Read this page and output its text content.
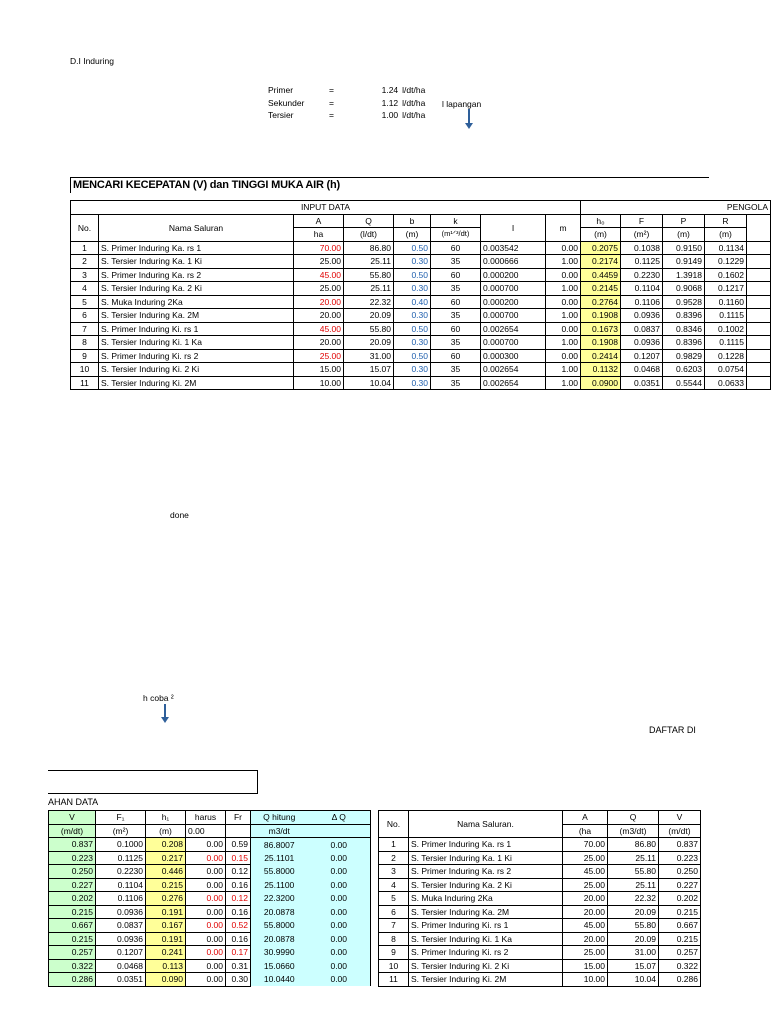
D.I Induring
Primer	=	1.24	l/dt/ha
Sekunder	=	1.12	l/dt/ha
Tersier	=	1.00	l/dt/ha
l lapangan
MENCARI KECEPATAN (V) dan TINGGI MUKA AIR (h)
INPUT DATA								PENGOLA				
No.	Nama Saluran	A	Q	b	k	I	m	h₀	F	P	R	
		ha	(l/dt)	(m)	(m¹ᐟ³/dt)			(m)	(m²)	(m)	(m)	
1	S. Primer Induring Ka. rs 1	70.00	86.80	0.50	60	0.003542	0.00	0.2075	0.1038	0.9150	0.1134	
2	S. Tersier Induring Ka. 1 Ki	25.00	25.11	0.30	35	0.000666	1.00	0.2174	0.1125	0.9149	0.1229	
3	S. Primer Induring Ka. rs 2	45.00	55.80	0.50	60	0.000200	0.00	0.4459	0.2230	1.3918	0.1602	
4	S. Tersier Induring Ka. 2 Ki	25.00	25.11	0.30	35	0.000700	1.00	0.2145	0.1104	0.9068	0.1217	
5	S. Muka Induring 2Ka	20.00	22.32	0.40	60	0.000200	0.00	0.2764	0.1106	0.9528	0.1160	
6	S. Tersier Induring Ka. 2M	20.00	20.09	0.30	35	0.000700	1.00	0.1908	0.0936	0.8396	0.1115	
7	S. Primer Induring Ki. rs 1	45.00	55.80	0.50	60	0.002654	0.00	0.1673	0.0837	0.8346	0.1002	
8	S. Tersier Induring Ki. 1 Ka	20.00	20.09	0.30	35	0.000700	1.00	0.1908	0.0936	0.8396	0.1115	
9	S. Primer Induring Ki. rs 2	25.00	31.00	0.50	60	0.000300	0.00	0.2414	0.1207	0.9829	0.1228	
10	S. Tersier Induring Ki. 2 Ki	15.00	15.07	0.30	35	0.002654	1.00	0.1132	0.0468	0.6203	0.0754	
11	S. Tersier Induring Ki. 2M	10.00	10.04	0.30	35	0.002654	1.00	0.0900	0.0351	0.5544	0.0633	
done
h coba ²
DAFTAR DI
AHAN DATA
V	F₁	h₁	harus	Fr	Q hitung	Δ Q
(m/dt)	(m²)	(m)	0.00		m3/dt	
0.837	0.1000	0.208	0.00	0.59	86.8007	0.00
0.223	0.1125	0.217	0.00	0.15	25.1101	0.00
0.250	0.2230	0.446	0.00	0.12	55.8000	0.00
0.227	0.1104	0.215	0.00	0.16	25.1100	0.00
0.202	0.1106	0.276	0.00	0.12	22.3200	0.00
0.215	0.0936	0.191	0.00	0.16	20.0878	0.00
0.667	0.0837	0.167	0.00	0.52	55.8000	0.00
0.215	0.0936	0.191	0.00	0.16	20.0878	0.00
0.257	0.1207	0.241	0.00	0.17	30.9990	0.00
0.322	0.0468	0.113	0.00	0.31	15.0660	0.00
0.286	0.0351	0.090	0.00	0.30	10.0440	0.00
No.	Nama Saluran.	A	Q	V
		(ha	(m3/dt)	(m/dt)
1	S. Primer Induring Ka. rs 1	70.00	86.80	0.837
2	S. Tersier Induring Ka. 1 Ki	25.00	25.11	0.223
3	S. Primer Induring Ka. rs 2	45.00	55.80	0.250
4	S. Tersier Induring Ka. 2 Ki	25.00	25.11	0.227
5	S. Muka Induring 2Ka	20.00	22.32	0.202
6	S. Tersier Induring Ka. 2M	20.00	20.09	0.215
7	S. Primer Induring Ki. rs 1	45.00	55.80	0.667
8	S. Tersier Induring Ki. 1 Ka	20.00	20.09	0.215
9	S. Primer Induring Ki. rs 2	25.00	31.00	0.257
10	S. Tersier Induring Ki. 2 Ki	15.00	15.07	0.322
11	S. Tersier Induring Ki. 2M	10.00	10.04	0.286
